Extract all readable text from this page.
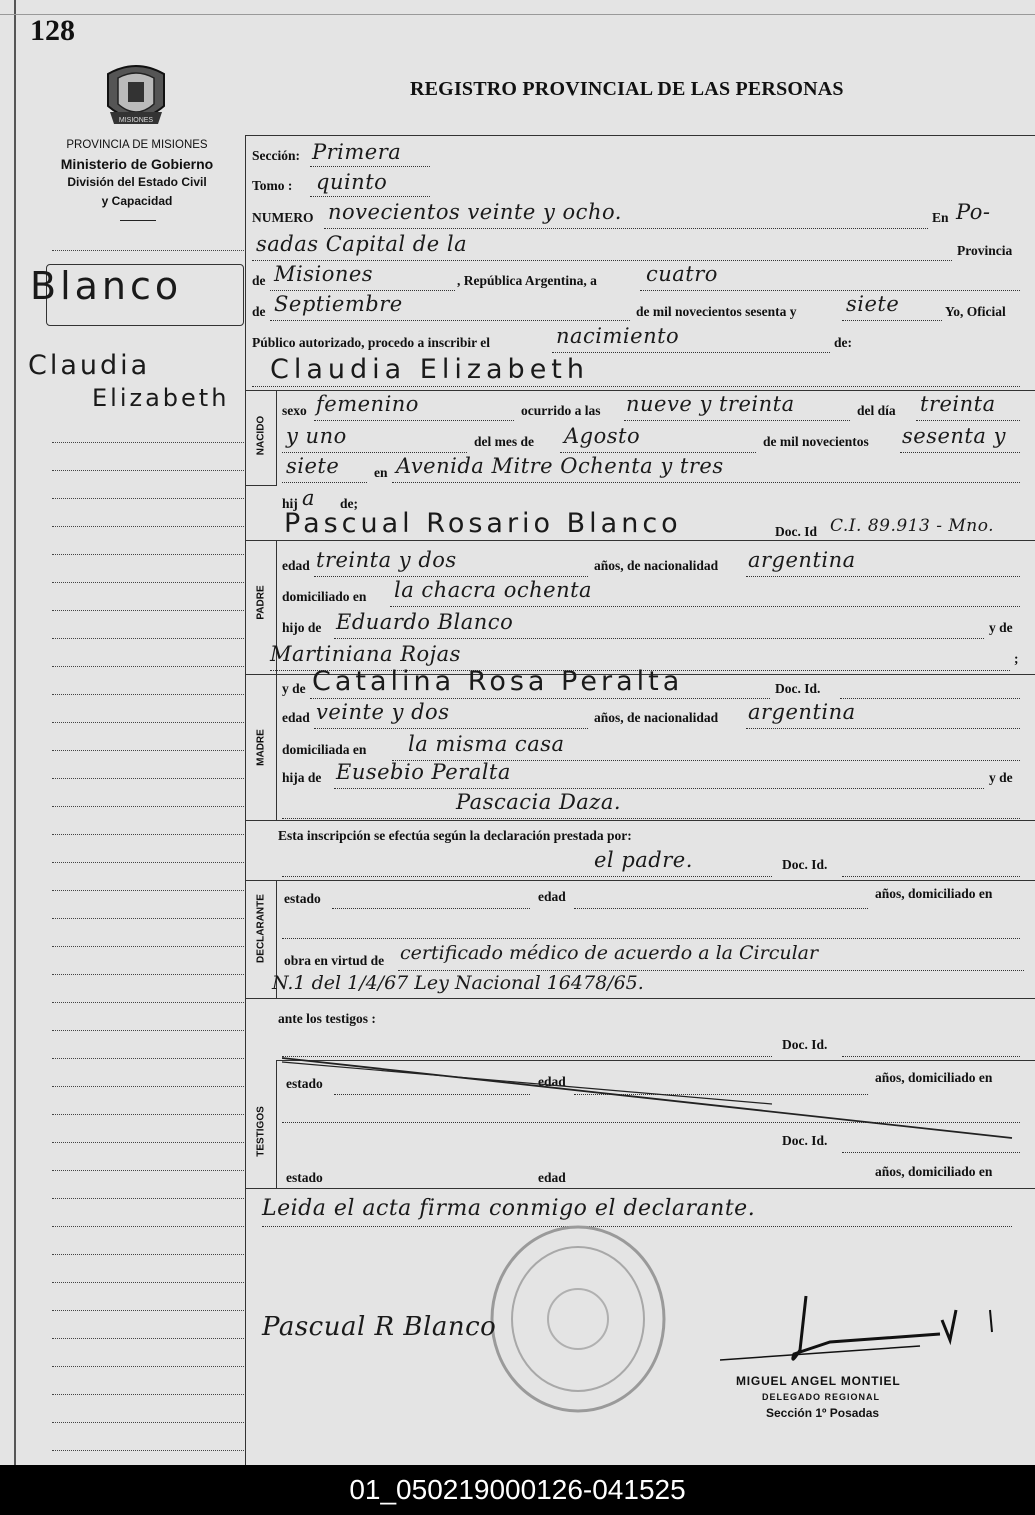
128
MISIONES
REGISTRO PROVINCIAL DE LAS PERSONAS
PROVINCIA DE MISIONES
Ministerio de Gobierno
División del Estado Civil
y Capacidad
Blanco
Claudia
Elizabeth
Sección: Primera
Tomo : quinto
NUMERO novecientos veinte y ocho.	En Po-
sadas Capital de la	Provincia
de Misiones	, República Argentina, a cuatro
de Septiembre	de mil novecientos sesenta y siete	Yo, Oficial
Público autorizado, procedo a inscribir el	nacimiento	de:
Claudia Elizabeth
NACIDO
sexo femenino	ocurrido a las nueve y treinta	del día treinta
y uno	del mes de Agosto	de mil novecientos sesenta y
siete	en Avenida Mitre Ochenta y tres
hij a de;
Pascual Rosario Blanco	Doc. Id C.I. 89.913 - Mno.
PADRE
edad treinta y dos	años, de nacionalidad argentina
domiciliado en la chacra ochenta
hijo de Eduardo Blanco	y de
Martiniana Rojas	;
MADRE
y de Catalina Rosa Peralta	Doc. Id.
edad veinte y dos	años, de nacionalidad argentina
domiciliada en la misma casa
hija de Eusebio Peralta	y de
Pascacia Daza.
Esta inscripción se efectúa según la declaración prestada por:
el padre.	Doc. Id.
DECLARANTE estado	edad	años, domiciliado en
obra en virtud de certificado médico de acuerdo a la Circular
N.1 del 1/4/67 Ley Nacional 16478/65.
ante los testigos :
Doc. Id.
TESTIGOS
estado	edad	años, domiciliado en
Doc. Id.
estado	edad	años, domiciliado en
Leida el acta firma conmigo el declarante.
Pascual R Blanco
MIGUEL ANGEL MONTIEL
DELEGADO REGIONAL
Sección 1º Posadas
01_050219000126-041525
